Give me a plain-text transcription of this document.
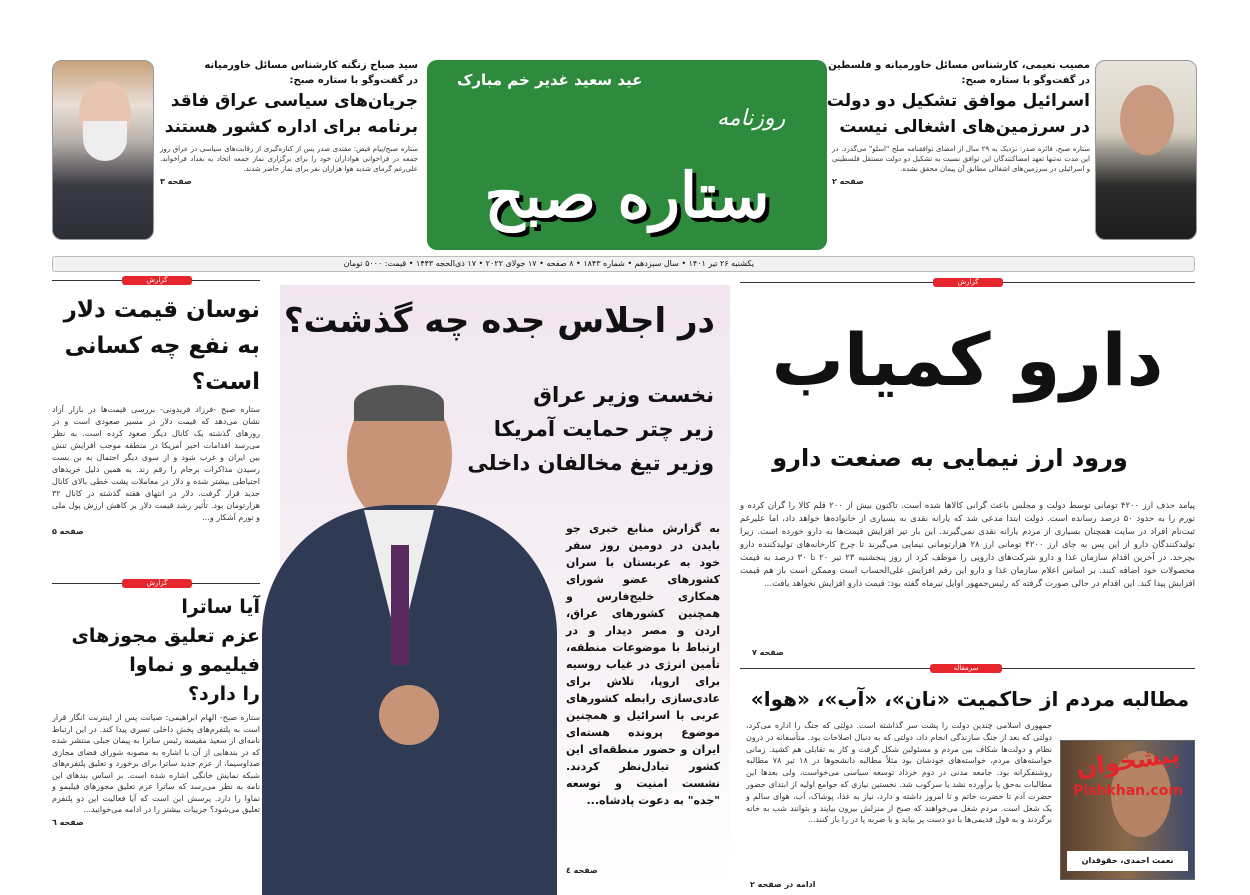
سید صباح زنگنه کارشناس مسائل خاورمیانه
در گفت‌وگو با ستاره صبح:
جریان‌های سیاسی عراق فاقد
برنامه برای اداره کشور هستند
ستاره صبح/پیام فیض: مقتدی صدر پس از کناره‌گیری از رقابت‌های سیاسی در عراق روز جمعه در فراخوانی هواداران خود را برای برگزاری نماز جمعه اتحاد به بغداد فراخواند. علی‌رغم گرمای شدید هوا هزاران نفر برای نماز حاضر شدند.
صفحه ۳
عید سعید غدیر خم مبارک
روزنامه
ستاره صبح
مصیب نعیمی، کارشناس مسائل خاورمیانه و فلسطین
در گفت‌وگو با ستاره صبح:
اسرائیل موافق تشکیل دو دولت
در سرزمین‌های اشغالی نیست
ستاره صبح، فائزه صدر: نزدیک به ۲۹ سال از امضای توافقنامه صلح "اسلو" می‌گذرد. در این مدت نه‌تنها تعهد امضاکنندگان این توافق نسبت به تشکیل دو دولت مستقل فلسطینی و اسرائیلی در سرزمین‌های اشغالی مطابق آن پیمان محقق نشده.
صفحه ۲
یکشنبه ۲۶ تیر ۱۴۰۱ • سال سیزدهم • شماره ۱۸۴۳ • ۸ صفحه • ۱۷ جولای ۲۰۲۲ • ۱۷ ذی‌الحجه ۱۴۴۳ • قیمت: ۵۰۰۰ تومان
گزارش
نوسان قیمت دلار
به نفع چه کسانی
است؟
ستاره صبح -فرزاد فریدونی- بررسی قیمت‌ها در بازار آزاد نشان می‌دهد که قیمت دلار در مسیر صعودی است و در روزهای گذشته یک کانال دیگر صعود کرده است. به نظر می‌رسد اقدامات اخیر آمریکا در منطقه موجب افزایش تنش بین ایران و غرب شود و از سوی دیگر احتمال به بن بست رسیدن مذاکرات برجام را رقم زند. به همین دلیل خریدهای احتیاطی بیشتر شده و دلار در معاملات پشت خطی بالای کانال جدید قرار گرفت. دلار در انتهای هفته گذشته در کانال ۳۲ هزارتومان بود. تأثیر رشد قیمت دلار بر کاهش ارزش پول ملی و تورم آشکار و...
صفحه ۵
گزارش
آیا ساترا
عزم تعلیق مجوزهای
فیلیمو و نماوا
را دارد؟
ستاره صبح- الهام ابراهیمی: صیانت پس از اینترنت انگار قرار است به پلتفرم‌های پخش داخلی تسری پیدا کند. در این ارتباط نامه‌ای از سعید مقیسه رئیس ساترا به پیمان جبلی منتشر شده که در بندهایی از آن با اشاره به مصوبه شورای فضای مجازی صداوسیما، از عزم جدید ساترا برای برخورد و تعلیق پلتفرم‌های شبکه نمایش خانگی اشاره شده است. بر اساس بندهای این نامه به نظر می‌رسد که ساترا عزم تعلیق مجوزهای فیلیمو و نماوا را دارد. پرسش این است که آیا فعالیت این دو پلتفرم تعلیق می‌شود؟ جزییات بیشتر را در ادامه می‌خوانید...
صفحه ٦
در اجلاس جده چه گذشت؟
نخست وزیر عراق
زیر چتر حمایت آمریکا
وزیر تیغ مخالفان داخلی
به گزارش منابع خبری جو بایدن در دومین روز سفر خود به عربستان با سران کشورهای عضو شورای همکاری خلیج‌فارس و همچنین کشورهای عراق، اردن و مصر دیدار و در ارتباط با موضوعات منطقه، تأمین انرژی در غیاب روسیه برای اروپا، تلاش برای عادی‌سازی رابطه کشورهای عربی با اسرائیل و همچنین موضوع پرونده هسته‌ای ایران و حضور منطقه‌ای این کشور تبادل‌نظر کردند. نشست امنیت و توسعه "جده" به دعوت پادشاه...
صفحه ٤
گزارش
دارو کمیاب
ورود ارز نیمایی به صنعت دارو
پیامد حذف ارز ۴۲۰۰ تومانی توسط دولت و مجلس باعث گرانی کالاها شده است. تاکنون بیش از ۲۰۰ قلم کالا را گران کرده و تورم را به حدود ۵۰ درصد رسانده است. دولت ابتدا مدعی شد که یارانه نقدی به بسیاری از خانواده‌ها خواهد داد، اما علیرغم ثبت‌نام افراد در سایت همچنان بسیاری از مردم یارانه نقدی نمی‌گیرند. این بار تیر افزایش قیمت‌ها به دارو خورده است. زیرا تولیدکنندگان دارو از این پس به جای ارز ۴۲۰۰ تومانی ارز ۲۸ هزارتومانی نیمایی می‌گیرند تا چرخ کارخانه‌های تولیدکننده دارو بچرخد. در آخرین اقدام سازمان غذا و دارو شرکت‌های دارویی را موظف کرد از روز پنجشنبه ۲۳ تیر ۲۰ تا ۳۰ درصد به قیمت محصولات خود اضافه کنند. بر اساس اعلام سازمان غذا و دارو این رقم افزایش علی‌الحساب است وممکن است باز هم قیمت افزایش پیدا کند. این اقدام در حالی صورت گرفته که رئیس‌جمهور اوایل تیرماه گفته بود: قیمت دارو افزایش نخواهد یافت...
صفحه ۷
سرمقاله
مطالبه مردم از حاکمیت «نان»، «آب»، «هوا»
جمهوری اسلامی چندین دولت را پشت سر گذاشته است. دولتی که جنگ را اداره می‌کرد، دولتی که بعد از جنگ سازندگی انجام داد، دولتی که به دنبال اصلاحات بود. متأسفانه در درون نظام و دولت‌ها شکاف بین مردم و مسئولین شکل گرفت و کار به تقابلی هم کشید. زمانی خواسته‌های مردم، خواسته‌های خودشان بود مثلاً مطالبه دانشجوها در ۱۸ تیر ۷۸ مطالبه روشنفکرانه بود. جامعه مدنی در دوم خرداد توسعه سیاسی می‌خواست، ولی بعدها این مطالبات به‌حق یا برآورده نشد یا سرکوب شد. نخستین نیازی که جوامع اولیه از ابتدای حضور حضرت آدم تا حضرت خاتم و تا امروز داشته و دارد، نیاز به غذا، پوشاک، آب، هوای سالم و یک شغل است. مردم شغل می‌خواهند که صبح از منزلش بیرون بیایند و بتوانند شب به خانه برگردند و به قول قدیمی‌ها با دو دست پر بیاید و با ضربه پا در را باز کنند...
ادامه در صفحه ۲
نعمت احمدی، حقوقدان
پیشخوان
Pishkhan.com
